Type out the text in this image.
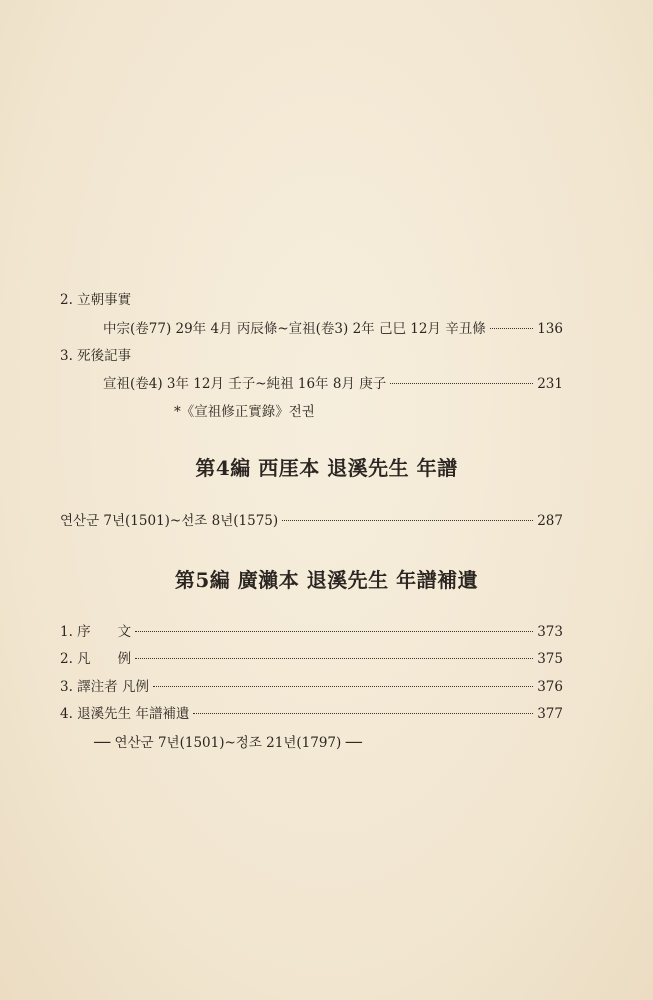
2. 立朝事實
中宗(卷77) 29年 4月 丙辰條~宣祖(卷3) 2年 己巳 12月 辛丑條	136
3. 死後記事
宣祖(卷4) 3年 12月 壬子~純祖 16年 8月 庚子	231
*《宣祖修正實錄》전권
第4編 西厓本 退溪先生 年譜
연산군 7년(1501)~선조 8년(1575)	287
第5編 廣瀨本 退溪先生 年譜補遺
1. 序　　文	373
2. 凡　　例	375
3. 譯注者 凡例	376
4. 退溪先生 年譜補遺	377
── 연산군 7년(1501)~정조 21년(1797) ──
